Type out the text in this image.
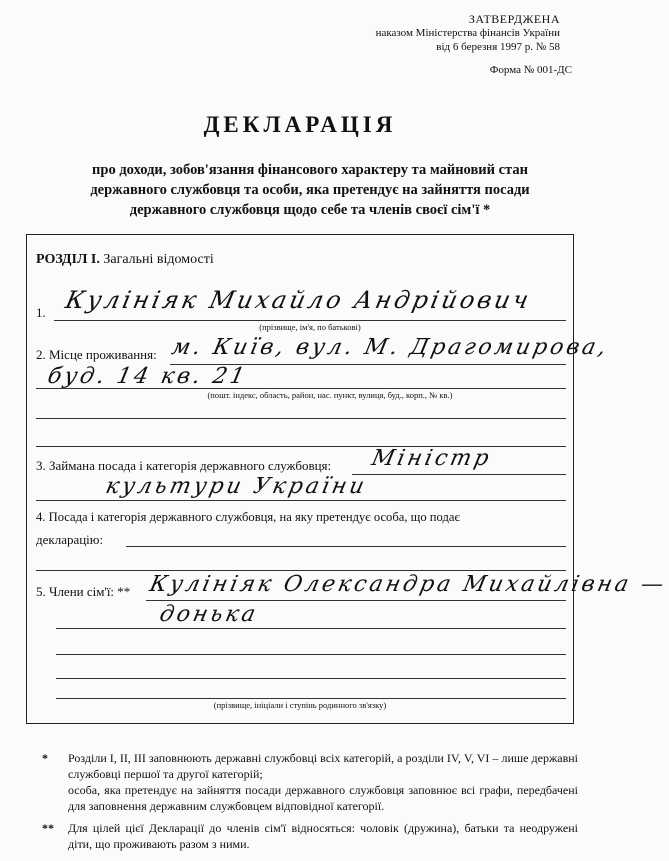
ЗАТВЕРДЖЕНА
наказом Міністерства фінансів України
від 6 березня 1997 р. № 58
Форма № 001-ДС
ДЕКЛАРАЦІЯ
про доходи, зобов'язання фінансового характеру та майновий стан
державного службовця та особи, яка претендує на зайняття посади
державного службовця щодо себе та членів своєї сім'ї *
РОЗДІЛ I. Загальні відомості
1. Кулініяк Михайло Андрійович
(прізвище, ім'я, по батькові)
2. Місце проживання: м. Київ, вул. М. Драгомирова,
буд. 14 кв. 21
(пошт. індекс, область, район, нас. пункт, вулиця, буд., корп., № кв.)
3. Займана посада і категорія державного службовця: Міністр
культури України
4. Посада і категорія державного службовця, на яку претендує особа, що подає
декларацію:
5. Члени сім'ї: ** Кулініяк Олександра Михайлівна —
донька
(прізвище, ініціали і ступінь родинного зв'язку)
* Розділи I, II, III заповнюють державні службовці всіх категорій, а розділи IV, V, VI – лише державні службовці першої та другої категорій;

особа, яка претендує на зайняття посади державного службовця заповнює всі графи, передбачені для заповнення державним службовцем відповідної категорії.

** Для цілей цієї Декларації до членів сім'ї відносяться: чоловік (дружина), батьки та неодружені діти, що проживають разом з ними.
